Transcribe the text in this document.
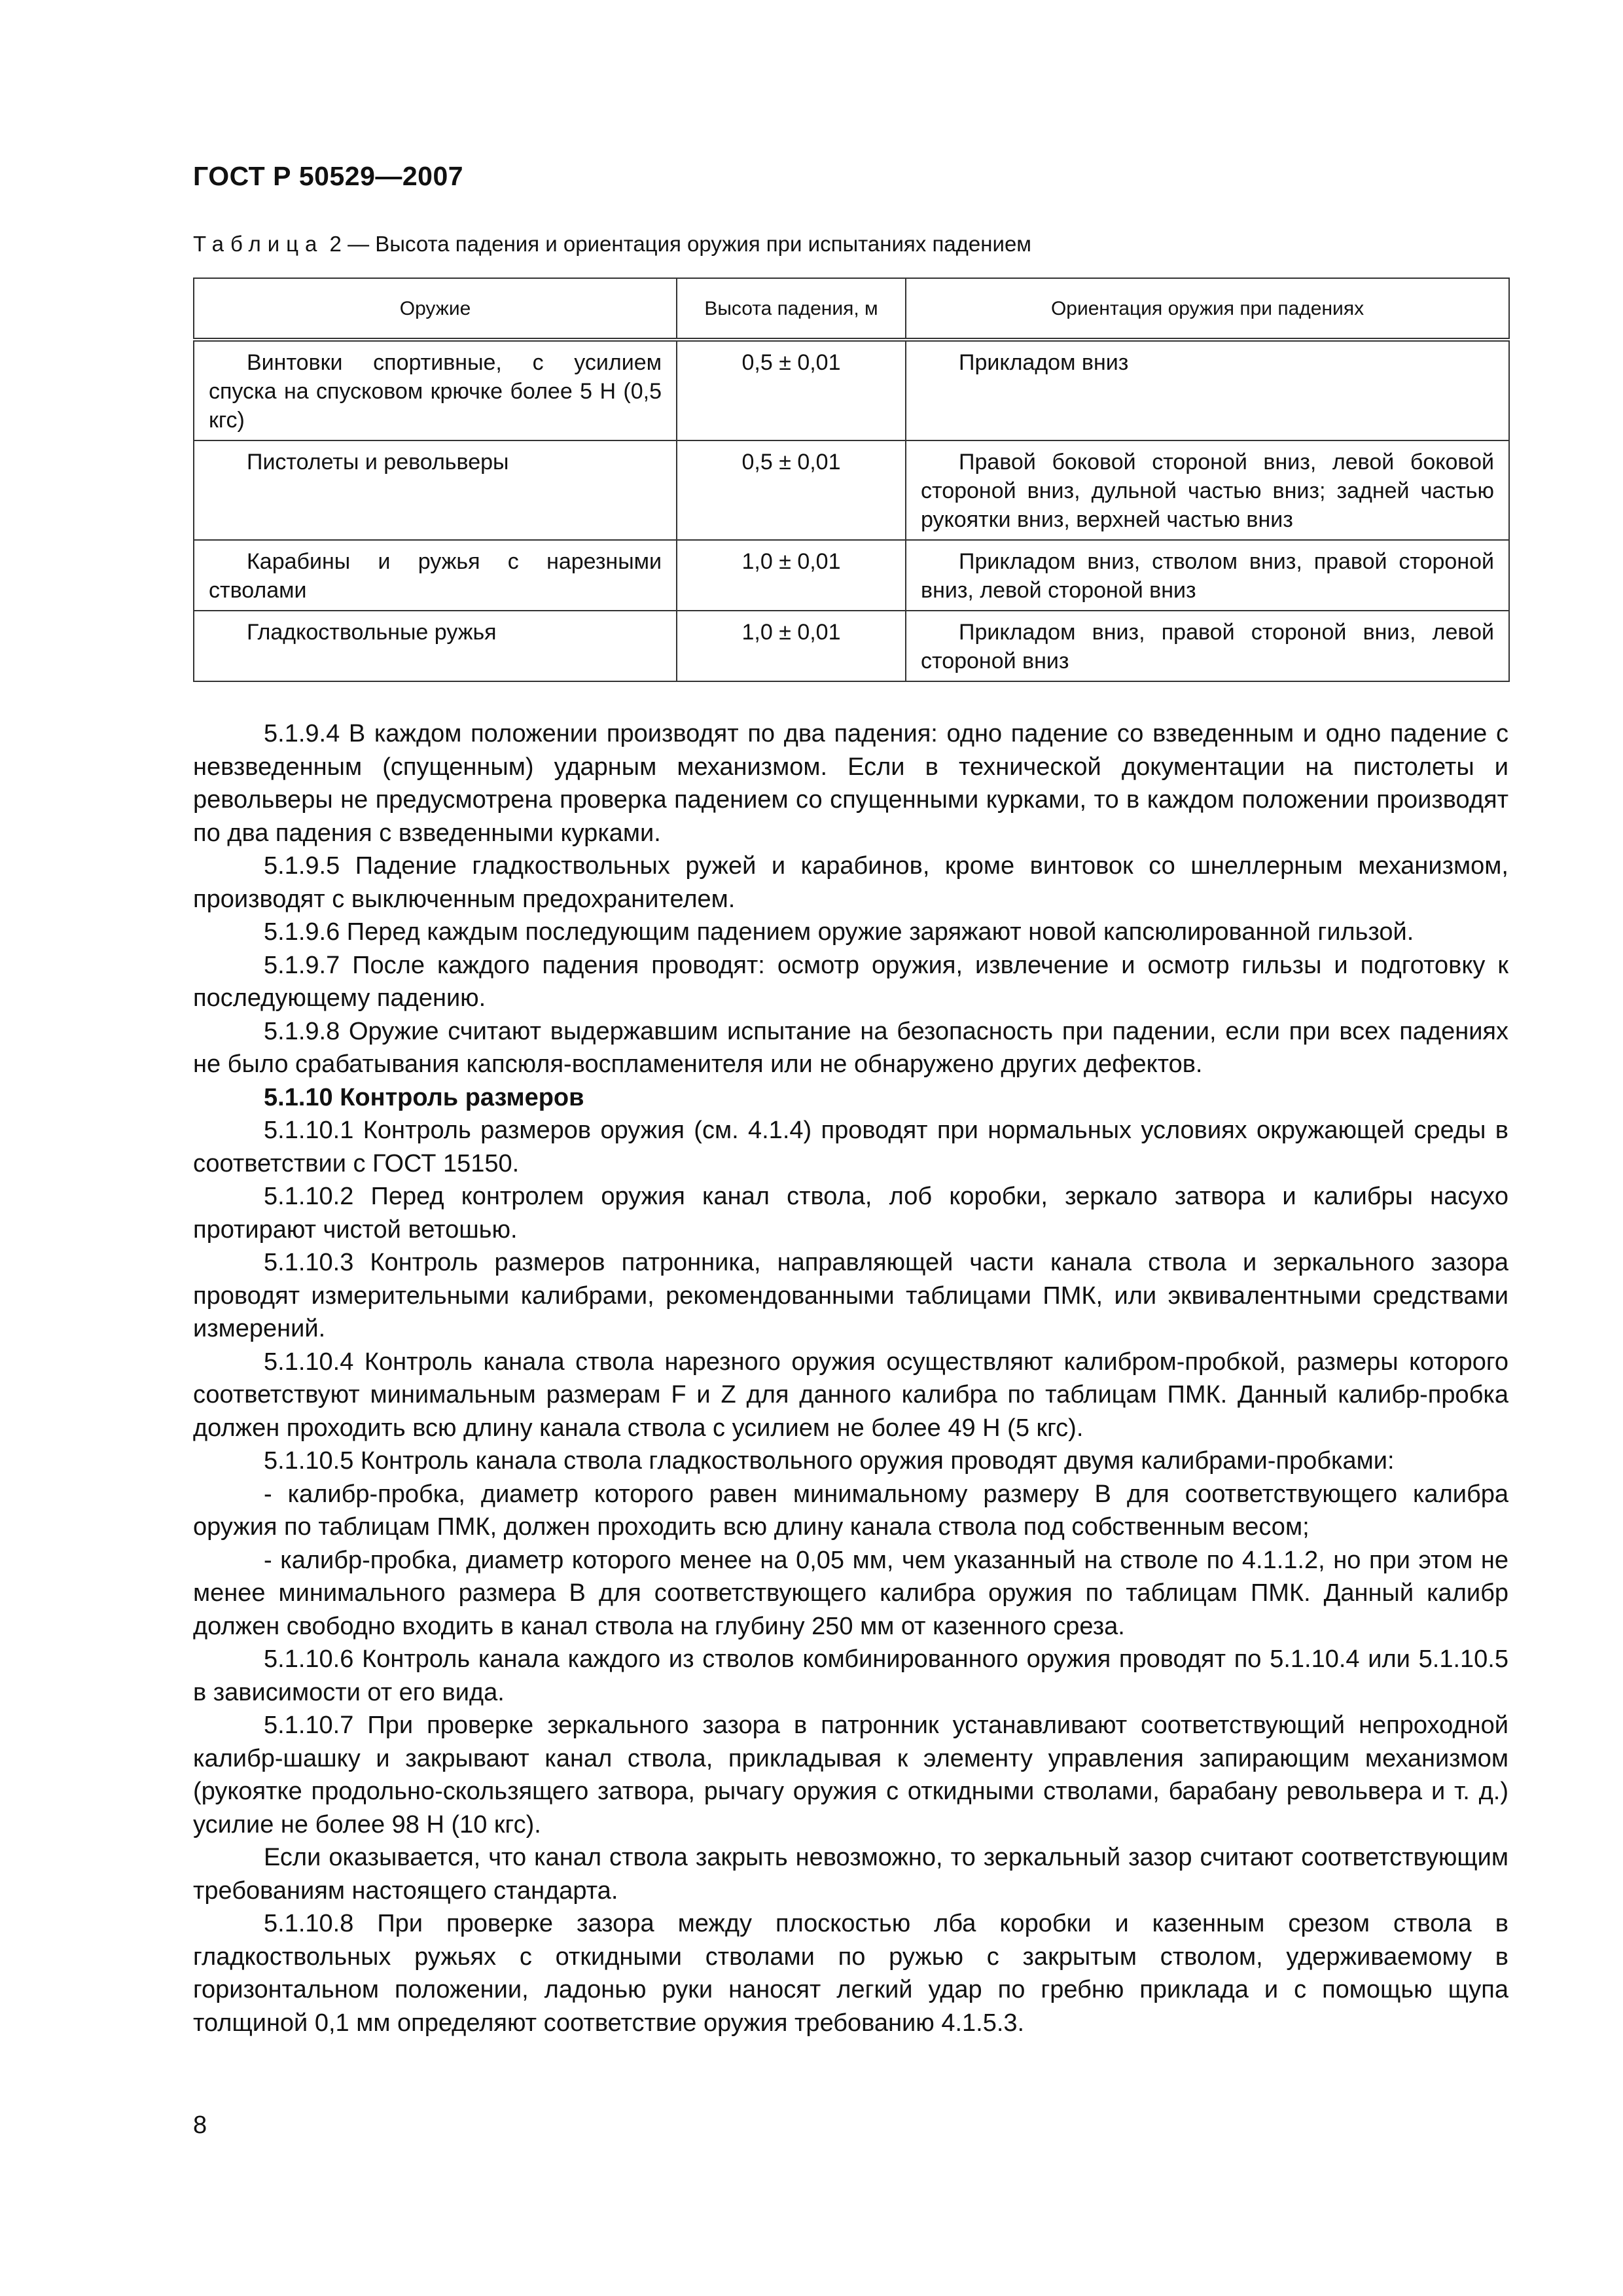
ГОСТ Р 50529—2007
Таблица 2 — Высота падения и ориентация оружия при испытаниях падением
Оружие	Высота падения, м	Ориентация оружия при падениях
Винтовки спортивные, с усилием спуска на спусковом крючке более 5 Н (0,5 кгс)	0,5 ± 0,01	Прикладом вниз
Пистолеты и револьверы	0,5 ± 0,01	Правой боковой стороной вниз, левой боковой стороной вниз, дульной частью вниз; задней частью рукоятки вниз, верхней частью вниз
Карабины и ружья с нарезными стволами	1,0 ± 0,01	Прикладом вниз, стволом вниз, правой стороной вниз, левой стороной вниз
Гладкоствольные ружья	1,0 ± 0,01	Прикладом вниз, правой стороной вниз, левой стороной вниз

5.1.9.4 В каждом положении производят по два падения: одно падение со взведенным и одно падение с невзведенным (спущенным) ударным механизмом. Если в технической документации на пистолеты и револьверы не предусмотрена проверка падением со спущенными курками, то в каждом положении производят по два падения с взведенными курками.

5.1.9.5 Падение гладкоствольных ружей и карабинов, кроме винтовок со шнеллерным механизмом, производят с выключенным предохранителем.

5.1.9.6 Перед каждым последующим падением оружие заряжают новой капсюлированной гильзой.

5.1.9.7 После каждого падения проводят: осмотр оружия, извлечение и осмотр гильзы и подготовку к последующему падению.

5.1.9.8 Оружие считают выдержавшим испытание на безопасность при падении, если при всех падениях не было срабатывания капсюля-воспламенителя или не обнаружено других дефектов.

5.1.10 Контроль размеров

5.1.10.1 Контроль размеров оружия (см. 4.1.4) проводят при нормальных условиях окружающей среды в соответствии с ГОСТ 15150.

5.1.10.2 Перед контролем оружия канал ствола, лоб коробки, зеркало затвора и калибры насухо протирают чистой ветошью.

5.1.10.3 Контроль размеров патронника, направляющей части канала ствола и зеркального зазора проводят измерительными калибрами, рекомендованными таблицами ПМК, или эквивалентными средствами измерений.

5.1.10.4 Контроль канала ствола нарезного оружия осуществляют калибром-пробкой, размеры которого соответствуют минимальным размерам F и Z для данного калибра по таблицам ПМК. Данный калибр-пробка должен проходить всю длину канала ствола с усилием не более 49 Н (5 кгс).

5.1.10.5 Контроль канала ствола гладкоствольного оружия проводят двумя калибрами-пробками:

- калибр-пробка, диаметр которого равен минимальному размеру B для соответствующего калибра оружия по таблицам ПМК, должен проходить всю длину канала ствола под собственным весом;

- калибр-пробка, диаметр которого менее на 0,05 мм, чем указанный на стволе по 4.1.1.2, но при этом не менее минимального размера B для соответствующего калибра оружия по таблицам ПМК. Данный калибр должен свободно входить в канал ствола на глубину 250 мм от казенного среза.

5.1.10.6 Контроль канала каждого из стволов комбинированного оружия проводят по 5.1.10.4 или 5.1.10.5 в зависимости от его вида.

5.1.10.7 При проверке зеркального зазора в патронник устанавливают соответствующий непроходной калибр-шашку и закрывают канал ствола, прикладывая к элементу управления запирающим механизмом (рукоятке продольно-скользящего затвора, рычагу оружия с откидными стволами, барабану револьвера и т. д.) усилие не более 98 Н (10 кгс).

Если оказывается, что канал ствола закрыть невозможно, то зеркальный зазор считают соответствующим требованиям настоящего стандарта.

5.1.10.8 При проверке зазора между плоскостью лба коробки и казенным срезом ствола в гладкоствольных ружьях с откидными стволами по ружью с закрытым стволом, удерживаемому в горизонтальном положении, ладонью руки наносят легкий удар по гребню приклада и с помощью щупа толщиной 0,1 мм определяют соответствие оружия требованию 4.1.5.3.

8
